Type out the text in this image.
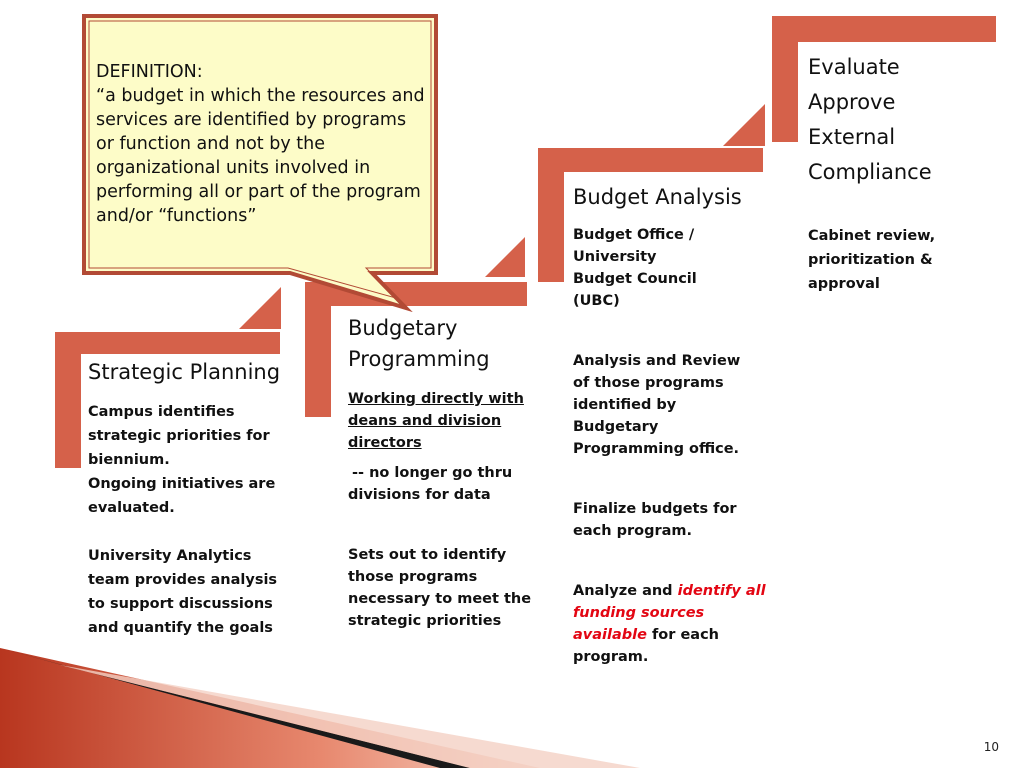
DEFINITION:
“a budget in which the resources and services are identified by programs or function and not by the organizational units involved in performing all or part of the program and/or “functions”
Strategic Planning

Campus identifies strategic priorities for biennium.

Ongoing initiatives are evaluated.

University Analytics team provides analysis to support discussions and quantify the goals

Budgetary
Programming

Working directly with deans and division directors

-- no longer go thru divisions for data

Sets out to identify those programs necessary to meet the strategic priorities

Budget Analysis

Budget Office / University Budget Council (UBC)

Analysis and Review of those programs identified by Budgetary Programming office.

Finalize budgets for each program.

Analyze and identify all funding sources available for each program.

Evaluate
Approve
External
Compliance

Cabinet review, prioritization & approval

10
